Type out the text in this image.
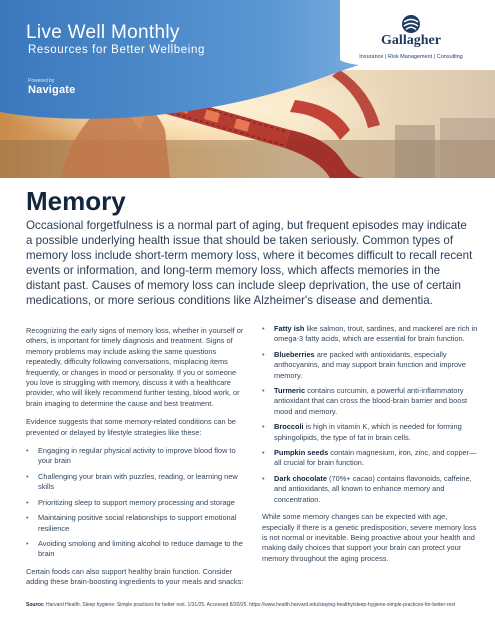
Live Well Monthly
Resources for Better Wellbeing
Powered by
Navigate
Gallagher
Insurance | Risk Management | Consulting
Memory

Occasional forgetfulness is a normal part of aging, but frequent episodes may indicate a possible underlying health issue that should be taken seriously. Common types of memory loss include short-term memory loss, where it becomes difficult to recall recent events or information, and long-term memory loss, which affects memories in the distant past. Causes of memory loss can include sleep deprivation, the use of certain medications, or more serious conditions like Alzheimer's disease and dementia.

Recognizing the early signs of memory loss, whether in yourself or others, is important for timely diagnosis and treatment. Signs of memory problems may include asking the same questions repeatedly, difficulty following conversations, misplacing items frequently, or changes in mood or personality. If you or someone you love is struggling with memory, discuss it with a healthcare provider, who will likely recommend further testing, blood work, or brain imaging to determine the cause and best treatment.

Evidence suggests that some memory-related conditions can be prevented or delayed by lifestyle strategies like these:

• Engaging in regular physical activity to improve blood flow to your brain
• Challenging your brain with puzzles, reading, or learning new skills
• Prioritizing sleep to support memory processing and storage
• Maintaining positive social relationships to support emotional resilience
• Avoiding smoking and limiting alcohol to reduce damage to the brain

Certain foods can also support healthy brain function. Consider adding these brain-boosting ingredients to your meals and snacks:

• Fatty ish like salmon, trout, sardines, and mackerel are rich in omega-3 fatty acids, which are essential for brain function.
• Blueberries are packed with antioxidants, especially anthocyanins, and may support brain function and improve memory.
• Turmeric contains curcumin, a powerful anti-inflammatory antioxidant that can cross the blood-brain barrier and boost mood and memory.
• Broccoli is high in vitamin K, which is needed for forming sphingolipids, the type of fat in brain cells.
• Pumpkin seeds contain magnesium, iron, zinc, and copper—all crucial for brain function.
• Dark chocolate (70%+ cacao) contains flavonoids, caffeine, and antioxidants, all known to enhance memory and concentration.

While some memory changes can be expected with age, especially if there is a genetic predisposition, severe memory loss is not normal or inevitable. Being proactive about your health and making daily choices that support your brain can protect your memory throughout the aging process.

Source: Harvard Health. Sleep hygiene: Simple practices for better rest. 1/31/25. Accessed 8/20/25. https://www.health.harvard.edu/staying-healthy/sleep-hygiene-simple-practices-for-better-rest
